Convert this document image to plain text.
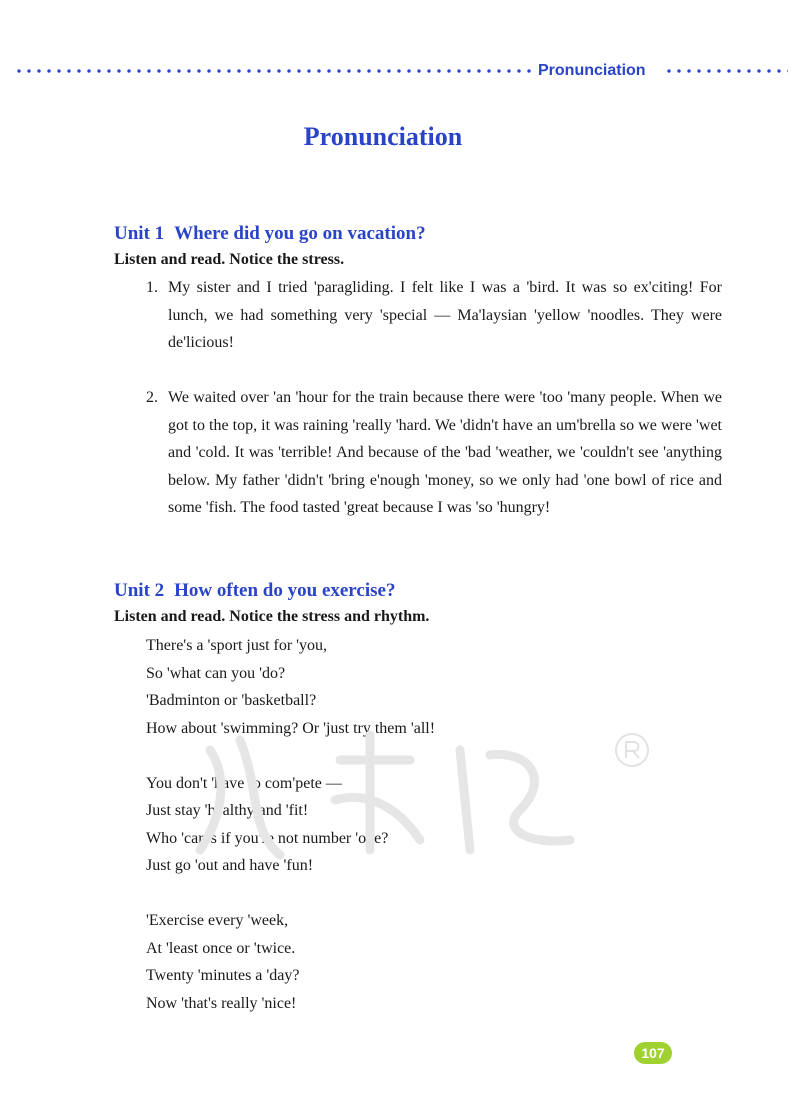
Pronunciation
Pronunciation
Unit 1 Where did you go on vacation?

Listen and read. Notice the stress.

1. My sister and I tried 'paragliding. I felt like I was a 'bird. It was so ex'citing! For lunch, we had something very 'special — Ma'laysian 'yellow 'noodles. They were de'licious!
2. We waited over 'an 'hour for the train because there were 'too 'many people. When we got to the top, it was raining 'really 'hard. We 'didn't have an um'brella so we were 'wet and 'cold. It was 'terrible! And because of the 'bad 'weather, we 'couldn't see 'anything below. My father 'didn't 'bring e'nough 'money, so we only had 'one bowl of rice and some 'fish. The food tasted 'great because I was 'so 'hungry!
Unit 2 How often do you exercise?

Listen and read. Notice the stress and rhythm.

There's a 'sport just for 'you,
So 'what can you 'do?
'Badminton or 'basketball?
How about 'swimming? Or 'just try them 'all!
You don't 'have to com'pete —
Just stay 'healthy and 'fit!
Who 'cares if you're not number 'one?
Just go 'out and have 'fun!
'Exercise every 'week,
At 'least once or 'twice.
Twenty 'minutes a 'day?
Now 'that's really 'nice!
107
